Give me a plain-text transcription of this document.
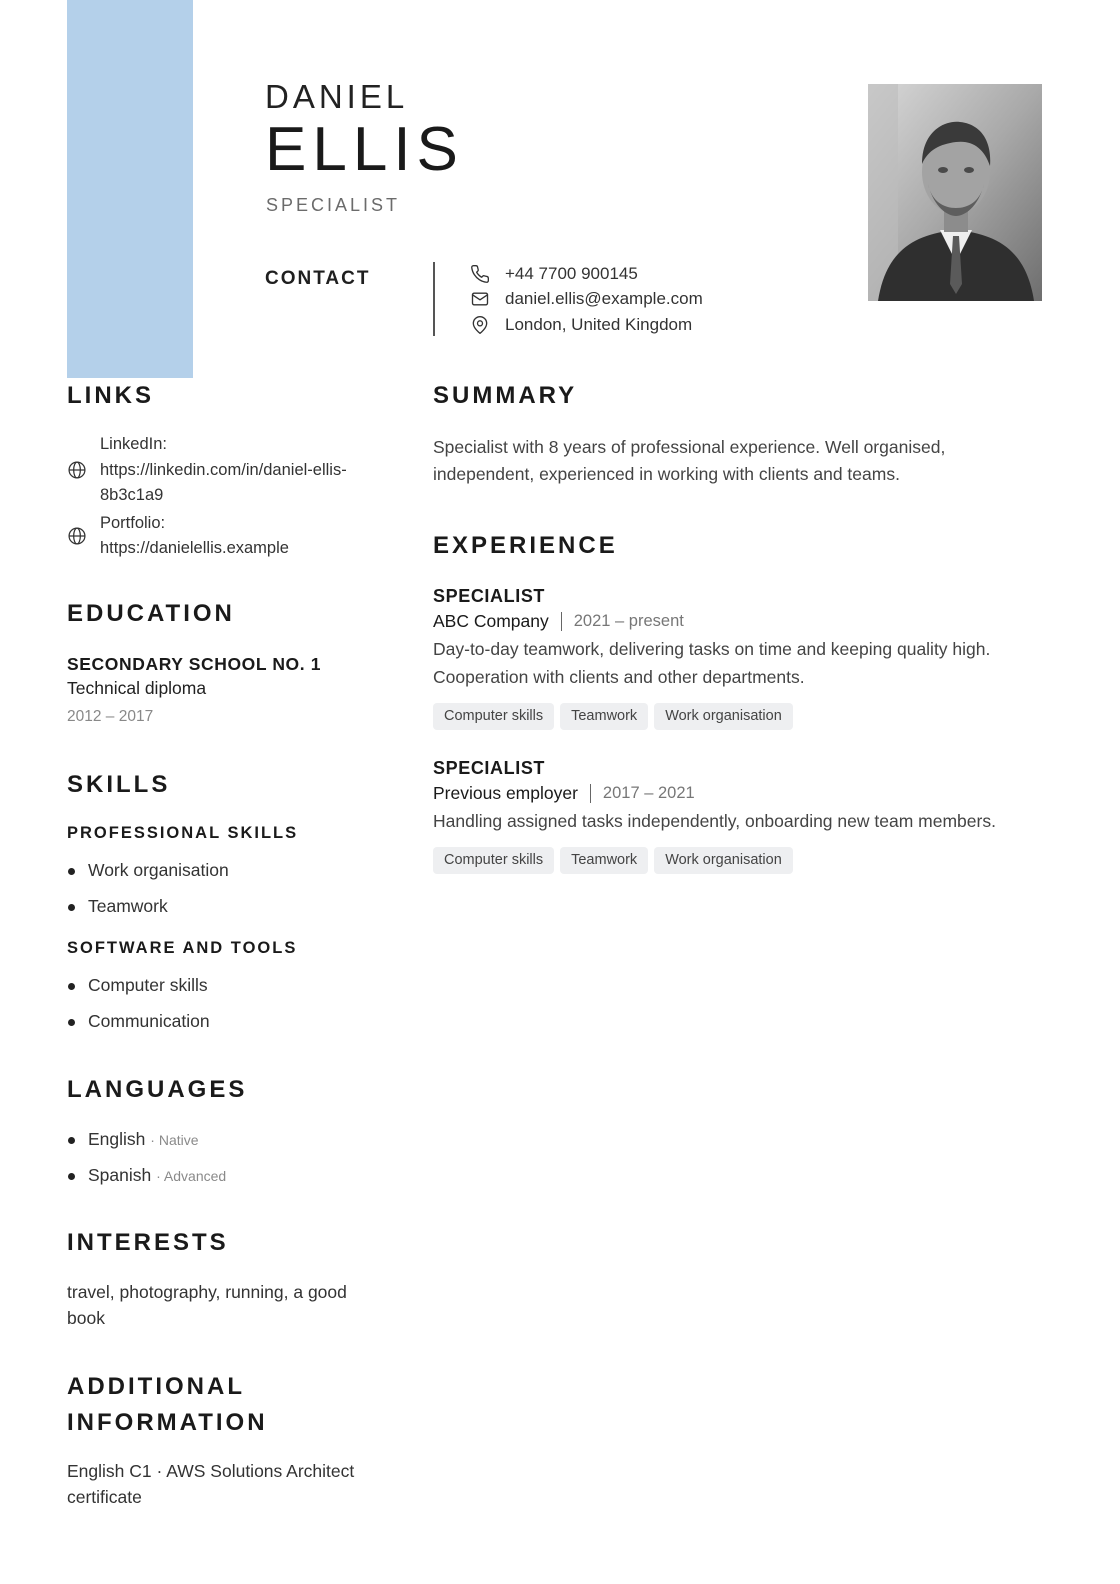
DANIEL
ELLIS
SPECIALIST
CONTACT	+44 7700 900145
daniel.ellis@example.com
London, United Kingdom
LINKS
LinkedIn:
https://linkedin.com/in/daniel-ellis-8b3c1a9
Portfolio:
https://danielellis.example
EDUCATION
SECONDARY SCHOOL NO. 1
Technical diploma
2012 – 2017
SKILLS
PROFESSIONAL SKILLS
Work organisation
Teamwork
SOFTWARE AND TOOLS
Computer skills
Communication
LANGUAGES
English · Native
Spanish · Advanced
INTERESTS
travel, photography, running, a good book
ADDITIONAL
INFORMATION
English C1 · AWS Solutions Architect certificate
SUMMARY
Specialist with 8 years of professional experience. Well organised, independent, experienced in working with clients and teams.
EXPERIENCE
SPECIALIST
ABC Company 2021 – present
Day-to-day teamwork, delivering tasks on time and keeping quality high. Cooperation with clients and other departments.
Computer skills	Teamwork	Work organisation
SPECIALIST
Previous employer 2017 – 2021
Handling assigned tasks independently, onboarding new team members.
Computer skills	Teamwork	Work organisation
